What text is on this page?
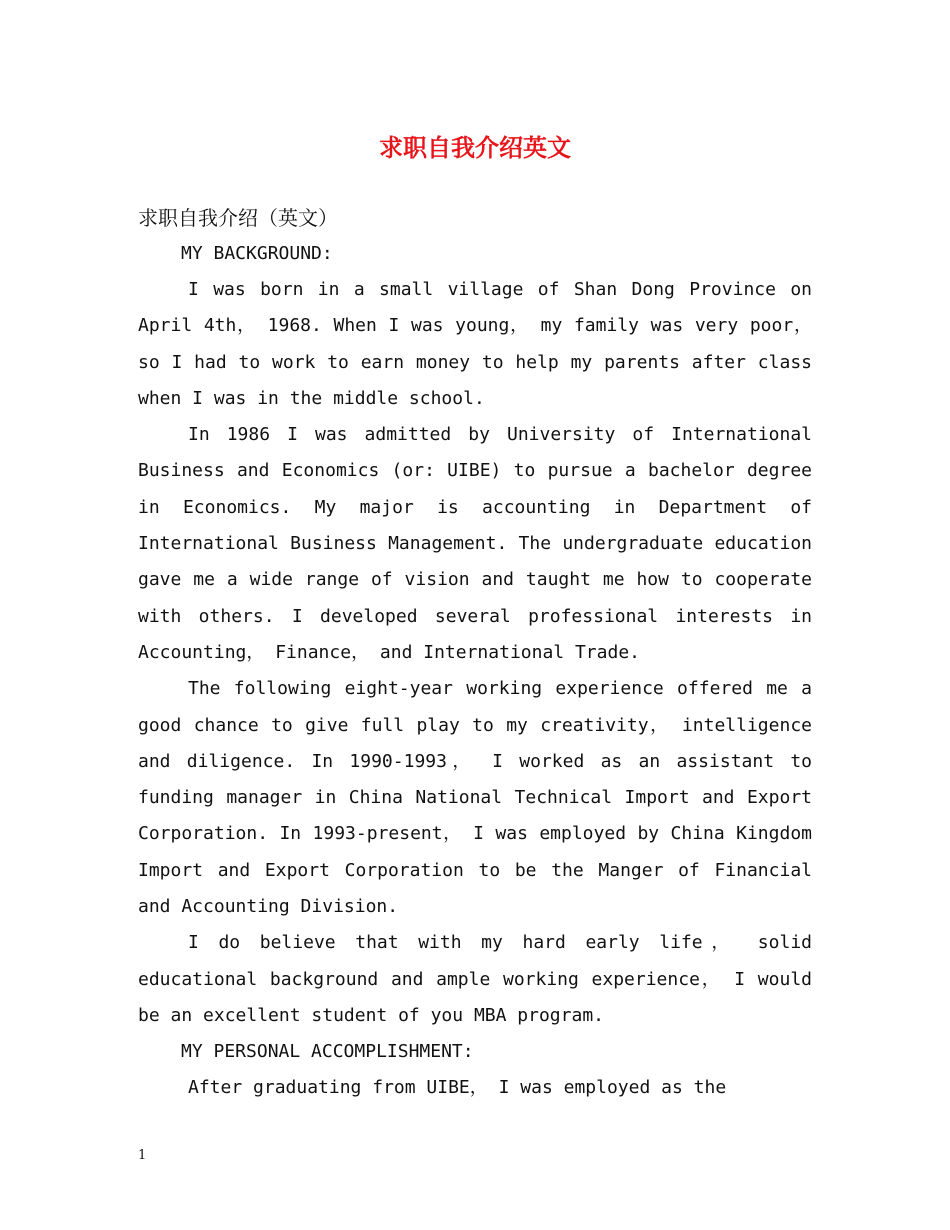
求职自我介绍英文
求职自我介绍（英文）
MY BACKGROUND:

I was born in a small village of Shan Dong Province on April 4th， 1968. When I was young， my family was very poor， so I had to work to earn money to help my parents after class when I was in the middle school.

In 1986 I was admitted by University of International Business and Economics (or: UIBE) to pursue a bachelor degree in Economics. My major is accounting in Department of International Business Management. The undergraduate education gave me a wide range of vision and taught me how to cooperate with others. I developed several professional interests in Accounting， Finance， and International Trade.

The following eight-year working experience offered me a good chance to give full play to my creativity， intelligence and diligence. In 1990-1993， I worked as an assistant to funding manager in China National Technical Import and Export Corporation. In 1993-present， I was employed by China Kingdom Import and Export Corporation to be the Manger of Financial and Accounting Division.

I do believe that with my hard early life， solid educational background and ample working experience， I would be an excellent student of you MBA program.

MY PERSONAL ACCOMPLISHMENT:

After graduating from UIBE， I was employed as the

1
